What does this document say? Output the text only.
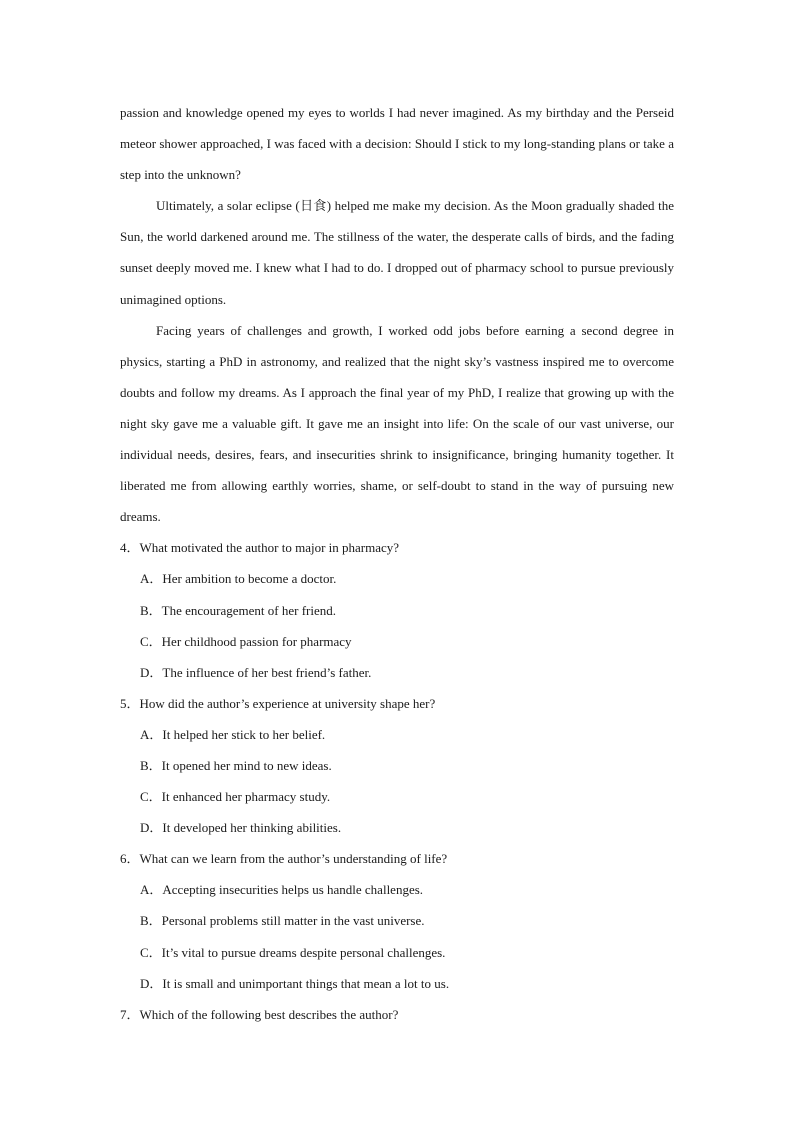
passion and knowledge opened my eyes to worlds I had never imagined. As my birthday and the Perseid meteor shower approached, I was faced with a decision: Should I stick to my long-standing plans or take a step into the unknown?

Ultimately, a solar eclipse (日食) helped me make my decision. As the Moon gradually shaded the Sun, the world darkened around me. The stillness of the water, the desperate calls of birds, and the fading sunset deeply moved me. I knew what I had to do. I dropped out of pharmacy school to pursue previously unimagined options.

Facing years of challenges and growth, I worked odd jobs before earning a second degree in physics, starting a PhD in astronomy, and realized that the night sky’s vastness inspired me to overcome doubts and follow my dreams. As I approach the final year of my PhD, I realize that growing up with the night sky gave me a valuable gift. It gave me an insight into life: On the scale of our vast universe, our individual needs, desires, fears, and insecurities shrink to insignificance, bringing humanity together. It liberated me from allowing earthly worries, shame, or self-doubt to stand in the way of pursuing new dreams.

4．What motivated the author to major in pharmacy?

A．Her ambition to become a doctor.

B．The encouragement of her friend.

C．Her childhood passion for pharmacy

D．The influence of her best friend’s father.

5．How did the author’s experience at university shape her?

A．It helped her stick to her belief.

B．It opened her mind to new ideas.

C．It enhanced her pharmacy study.

D．It developed her thinking abilities.

6．What can we learn from the author’s understanding of life?

A．Accepting insecurities helps us handle challenges.

B．Personal problems still matter in the vast universe.

C．It’s vital to pursue dreams despite personal challenges.

D．It is small and unimportant things that mean a lot to us.

7．Which of the following best describes the author?
